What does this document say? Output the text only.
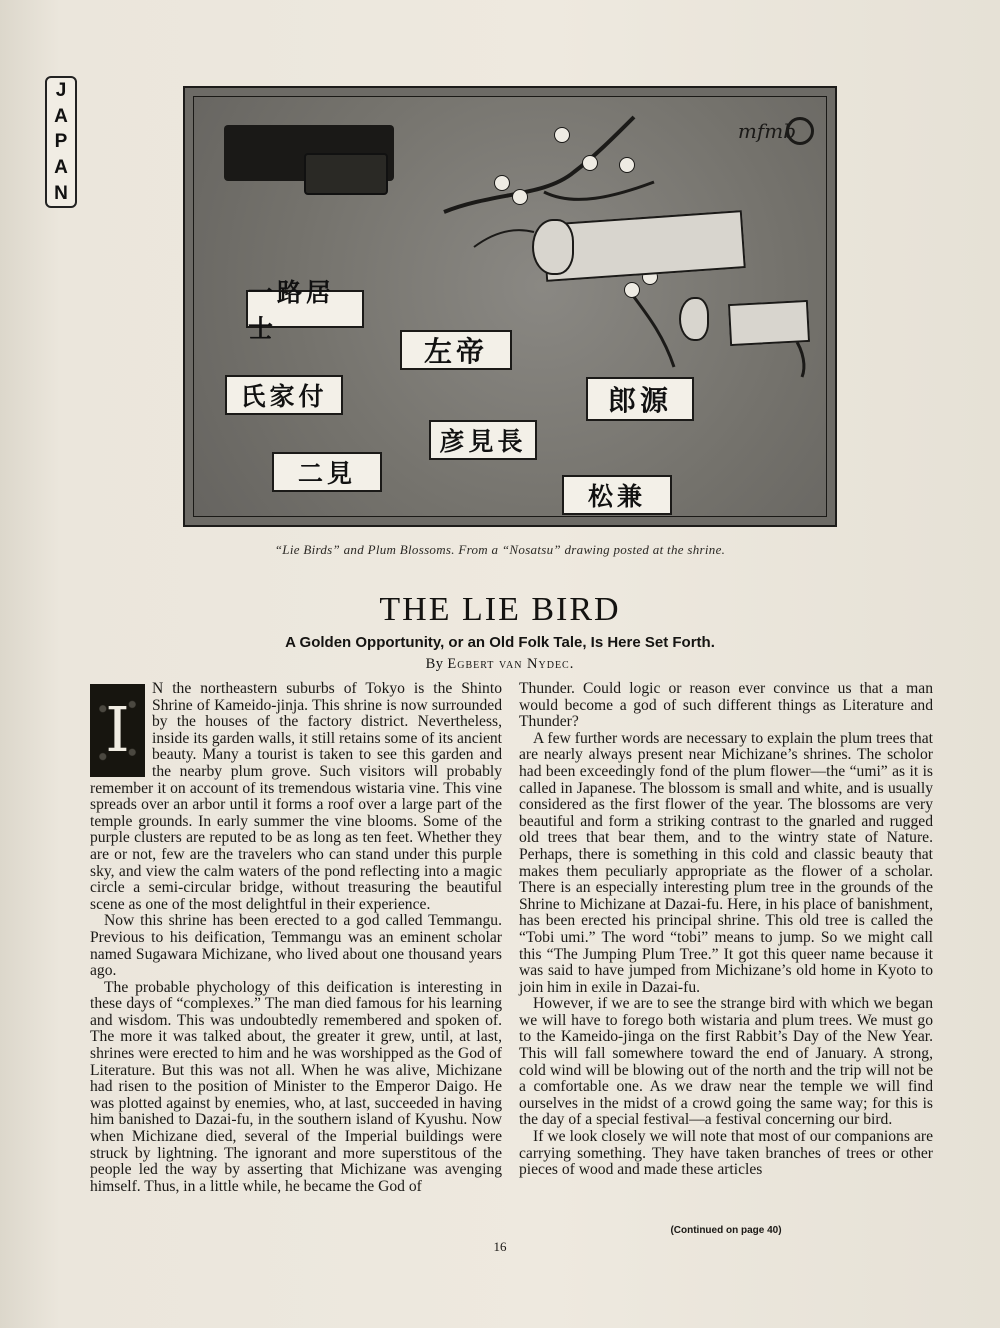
J
A
P
A
N
mfmb
一路居士
左帝
氏家付
彦見長
郎源
二見
松兼
“Lie Birds” and Plum Blossoms. From a “Nosatsu” drawing posted at the shrine.
THE LIE BIRD
A Golden Opportunity, or an Old Folk Tale, Is Here Set Forth.
By Egbert van Nydec.
I

N the northeastern suburbs of Tokyo is the Shinto Shrine of Kameido-jinja. This shrine is now surrounded by the houses of the factory district. Nevertheless, inside its garden walls, it still retains some of its ancient beauty. Many a tourist is taken to see this garden and the nearby plum grove. Such visitors will probably remember it on account of its tremendous wistaria vine. This vine spreads over an arbor until it forms a roof over a large part of the temple grounds. In early summer the vine blooms. Some of the purple clusters are reputed to be as long as ten feet. Whether they are or not, few are the travelers who can stand under this purple sky, and view the calm waters of the pond reflecting into a magic circle a semi-circular bridge, without treasuring the beautiful scene as one of the most delightful in their experience.

Now this shrine has been erected to a god called Temmangu. Previous to his deification, Temmangu was an eminent scholar named Sugawara Michizane, who lived about one thousand years ago.

The probable phychology of this deification is interesting in these days of “complexes.” The man died famous for his learning and wisdom. This was undoubtedly remembered and spoken of. The more it was talked about, the greater it grew, until, at last, shrines were erected to him and he was worshipped as the God of Literature. But this was not all. When he was alive, Michizane had risen to the position of Minister to the Emperor Daigo. He was plotted against by enemies, who, at last, succeeded in having him banished to Dazai-fu, in the southern island of Kyushu. Now when Michizane died, several of the Imperial buildings were struck by lightning. The ignorant and more superstitous of the people led the way by asserting that Michizane was avenging himself. Thus, in a little while, he became the God of

Thunder. Could logic or reason ever convince us that a man would become a god of such different things as Literature and Thunder?

A few further words are necessary to explain the plum trees that are nearly always present near Michizane’s shrines. The scholor had been exceedingly fond of the plum flower—the “umi” as it is called in Japanese. The blossom is small and white, and is usually considered as the first flower of the year. The blossoms are very beautiful and form a striking contrast to the gnarled and rugged old trees that bear them, and to the wintry state of Nature. Perhaps, there is something in this cold and classic beauty that makes them peculiarly appropriate as the flower of a scholar. There is an especially interesting plum tree in the grounds of the Shrine to Michizane at Dazai-fu. Here, in his place of banishment, has been erected his principal shrine. This old tree is called the “Tobi umi.” The word “tobi” means to jump. So we might call this “The Jumping Plum Tree.” It got this queer name because it was said to have jumped from Michizane’s old home in Kyoto to join him in exile in Dazai-fu.

However, if we are to see the strange bird with which we began we will have to forego both wistaria and plum trees. We must go to the Kameido-jinga on the first Rabbit’s Day of the New Year. This will fall somewhere toward the end of January. A strong, cold wind will be blowing out of the north and the trip will not be a comfortable one. As we draw near the temple we will find ourselves in the midst of a crowd going the same way; for this is the day of a special festival—a festival concerning our bird.

If we look closely we will note that most of our companions are carrying something. They have taken branches of trees or other pieces of wood and made these articles

(Continued on page 40)
16
